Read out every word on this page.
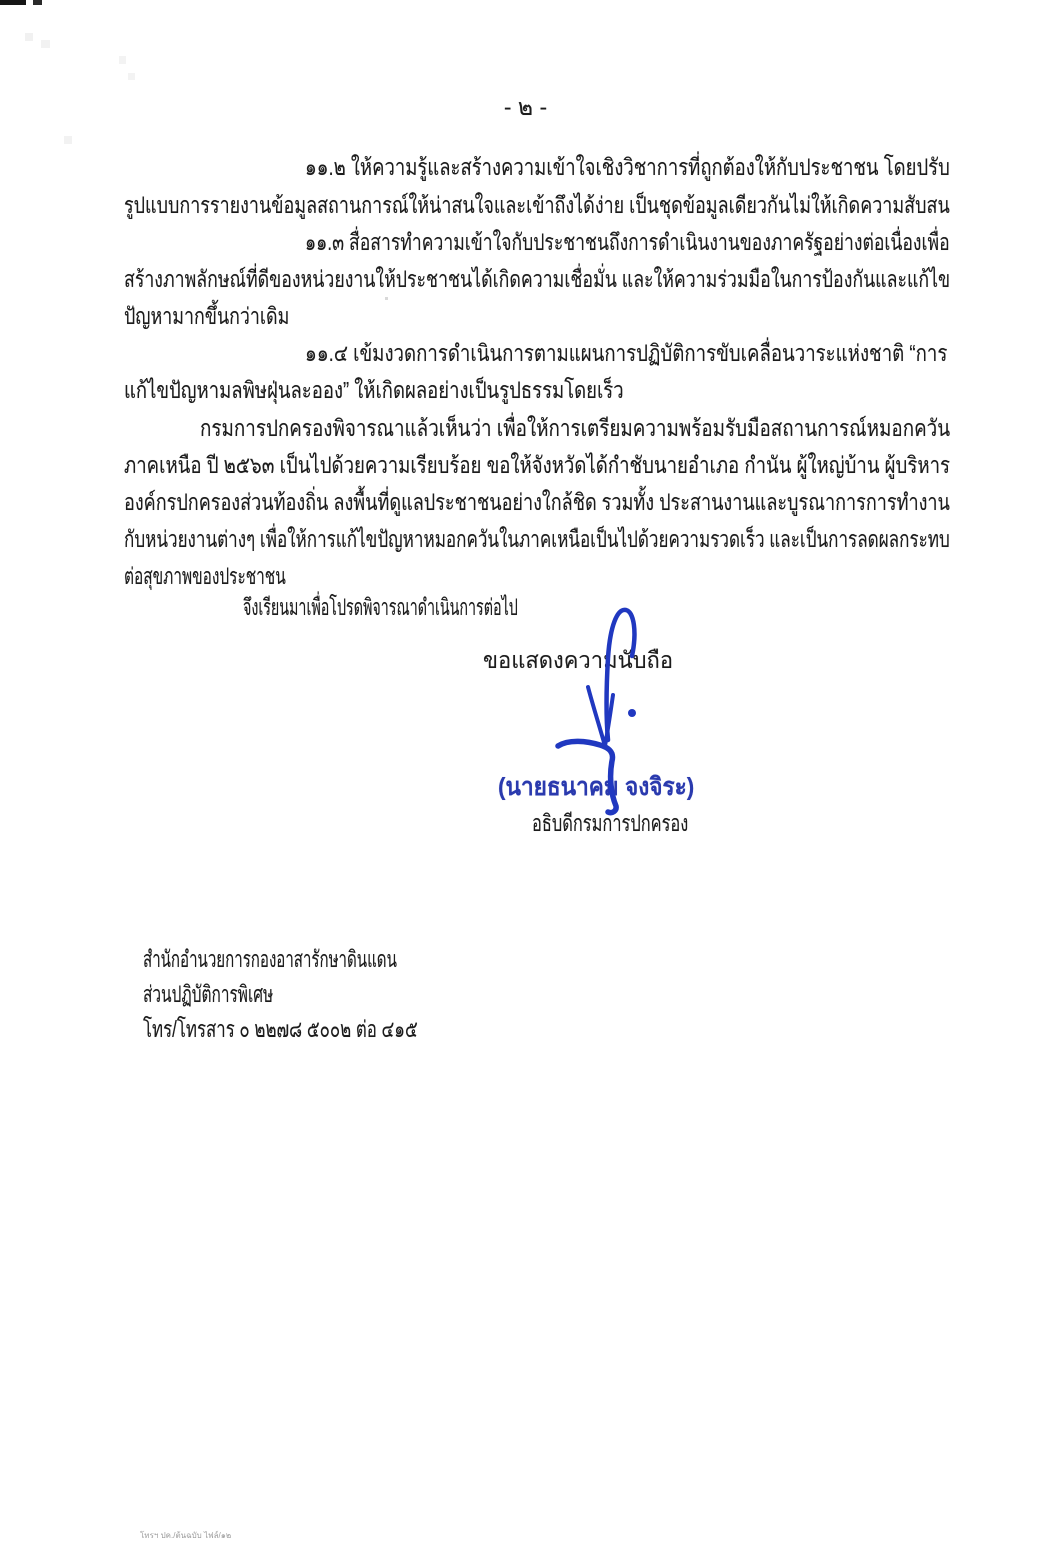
- ๒ -
๑๑.๒ ให้ความรู้และสร้างความเข้าใจเชิงวิชาการที่ถูกต้องให้กับประชาชน โดยปรับ
รูปแบบการรายงานข้อมูลสถานการณ์ให้น่าสนใจและเข้าถึงได้ง่าย เป็นชุดข้อมูลเดียวกันไม่ให้เกิดความสับสน
๑๑.๓ สื่อสารทำความเข้าใจกับประชาชนถึงการดำเนินงานของภาครัฐอย่างต่อเนื่องเพื่อ
สร้างภาพลักษณ์ที่ดีของหน่วยงานให้ประชาชนได้เกิดความเชื่อมั่น และให้ความร่วมมือในการป้องกันและแก้ไข
ปัญหามากขึ้นกว่าเดิม
๑๑.๔ เข้มงวดการดำเนินการตามแผนการปฏิบัติการขับเคลื่อนวาระแห่งชาติ “การ
แก้ไขปัญหามลพิษฝุ่นละออง” ให้เกิดผลอย่างเป็นรูปธรรมโดยเร็ว
กรมการปกครองพิจารณาแล้วเห็นว่า เพื่อให้การเตรียมความพร้อมรับมือสถานการณ์หมอกควัน
ภาคเหนือ ปี ๒๕๖๓ เป็นไปด้วยความเรียบร้อย ขอให้จังหวัดได้กำชับนายอำเภอ กำนัน ผู้ใหญ่บ้าน ผู้บริหาร
องค์กรปกครองส่วนท้องถิ่น ลงพื้นที่ดูแลประชาชนอย่างใกล้ชิด รวมทั้ง ประสานงานและบูรณาการการทำงาน
กับหน่วยงานต่างๆ เพื่อให้การแก้ไขปัญหาหมอกควันในภาคเหนือเป็นไปด้วยความรวดเร็ว และเป็นการลดผลกระทบ
ต่อสุขภาพของประชาชน
จึงเรียนมาเพื่อโปรดพิจารณาดำเนินการต่อไป
ขอแสดงความนับถือ
(นายธนาคม จงจิระ)
อธิบดีกรมการปกครอง
สำนักอำนวยการกองอาสารักษาดินแดน
ส่วนปฏิบัติการพิเศษ
โทร/โทรสาร ๐ ๒๒๗๘ ๕๐๐๒ ต่อ ๔๑๕
โทรฯ ปค./ต้นฉบับ ไฟล์/๑๒
